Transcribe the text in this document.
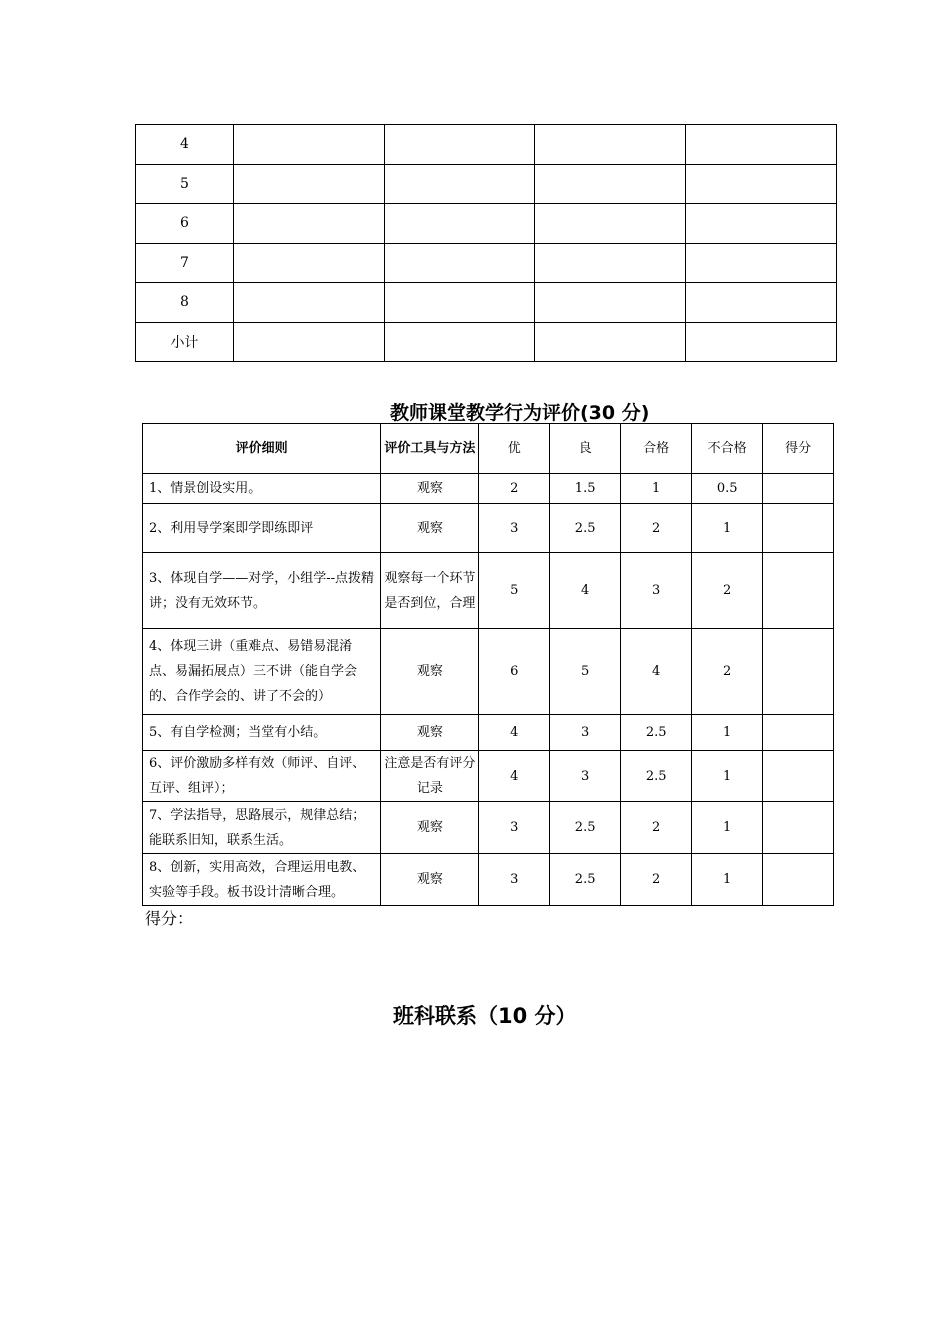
4				
5				
6				
7				
8				
小计				
教师课堂教学行为评价(30 分)
评价细则	评价工具与方法	优	良	合格	不合格	得分
1、情景创设实用。	观察	2	1.5	1	0.5	
2、利用导学案即学即练即评	观察	3	2.5	2	1	
3、体现自学——对学，小组学--点拨精讲；没有无效环节。	观察每一个环节是否到位，合理	5	4	3	2	
4、体现三讲（重难点、易错易混淆点、易漏拓展点）三不讲（能自学会的、合作学会的、讲了不会的）	观察	6	5	4	2	
5、有自学检测；当堂有小结。	观察	4	3	2.5	1	
6、评价激励多样有效（师评、自评、互评、组评）；	注意是否有评分记录	4	3	2.5	1	
7、学法指导，思路展示，规律总结；能联系旧知，联系生活。	观察	3	2.5	2	1	
8、创新，实用高效，合理运用电教、实验等手段。板书设计清晰合理。	观察	3	2.5	2	1	
得分：
班科联系（10 分）
